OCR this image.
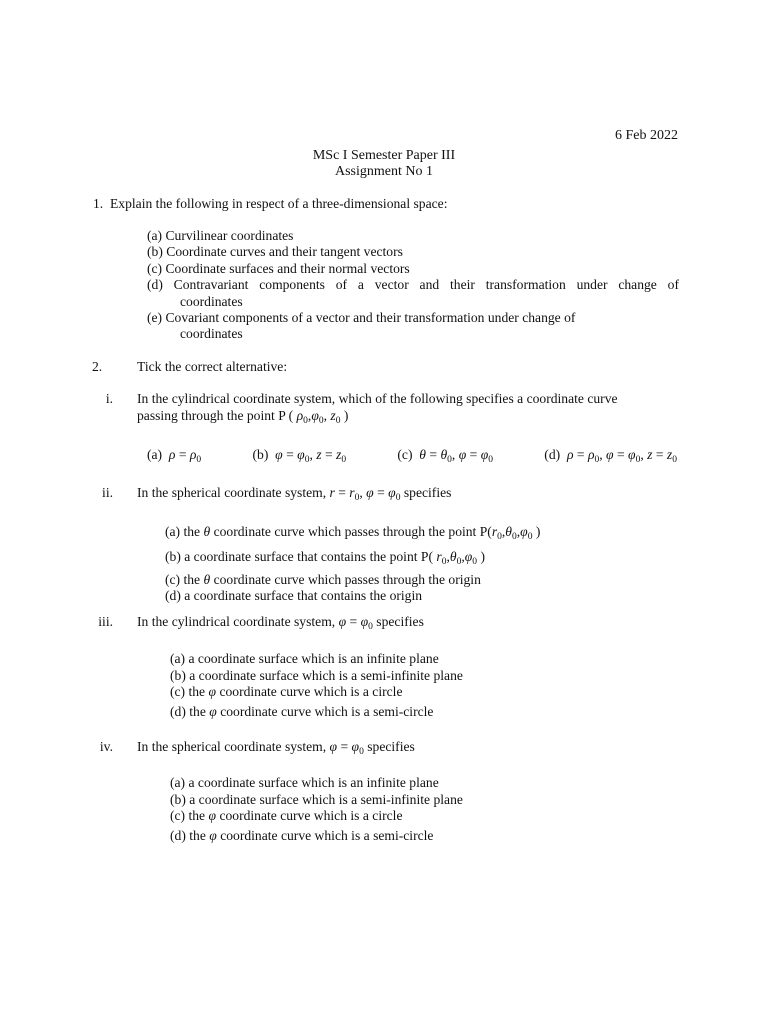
6 Feb 2022
MSc I Semester Paper III
Assignment No 1
1. Explain the following in respect of a three-dimensional space:
(a) Curvilinear coordinates
(b) Coordinate curves and their tangent vectors
(c) Coordinate surfaces and their normal vectors
(d) Contravariant components of a vector and their transformation under change of
coordinates
(e) Covariant components of a vector and their transformation under change of
coordinates
2.	Tick the correct alternative:
i. In the cylindrical coordinate system, which of the following specifies a coordinate curve
passing through the point P ( $\rho_0,\varphi_0$, $z_0$ )
(a) $\rho = \rho_0$	(b) $\varphi = \varphi_0$, $z = z_0$	(c) $\theta = \theta_0$, $\varphi = \varphi_0$	(d) $\rho = \rho_0$, $\varphi = \varphi_0$, $z = z_0$
ii. In the spherical coordinate system, $r = r_0$, $\varphi = \varphi_0$ specifies
(a) the θ coordinate curve which passes through the point $P(r_0,\theta_0,\varphi_0$ )
(b) a coordinate surface that contains the point P( $r_0,\theta_0,\varphi_0$ )
(c) the θ coordinate curve which passes through the origin
(d) a coordinate surface that contains the origin
iii. In the cylindrical coordinate system, $\varphi = \varphi_0$ specifies
(a) a coordinate surface which is an infinite plane
(b) a coordinate surface which is a semi-infinite plane
(c) the φ coordinate curve which is a circle
(d) the φ coordinate curve which is a semi-circle
iv. In the spherical coordinate system, $\varphi = \varphi_0$ specifies
(a) a coordinate surface which is an infinite plane
(b) a coordinate surface which is a semi-infinite plane
(c) the φ coordinate curve which is a circle
(d) the φ coordinate curve which is a semi-circle
